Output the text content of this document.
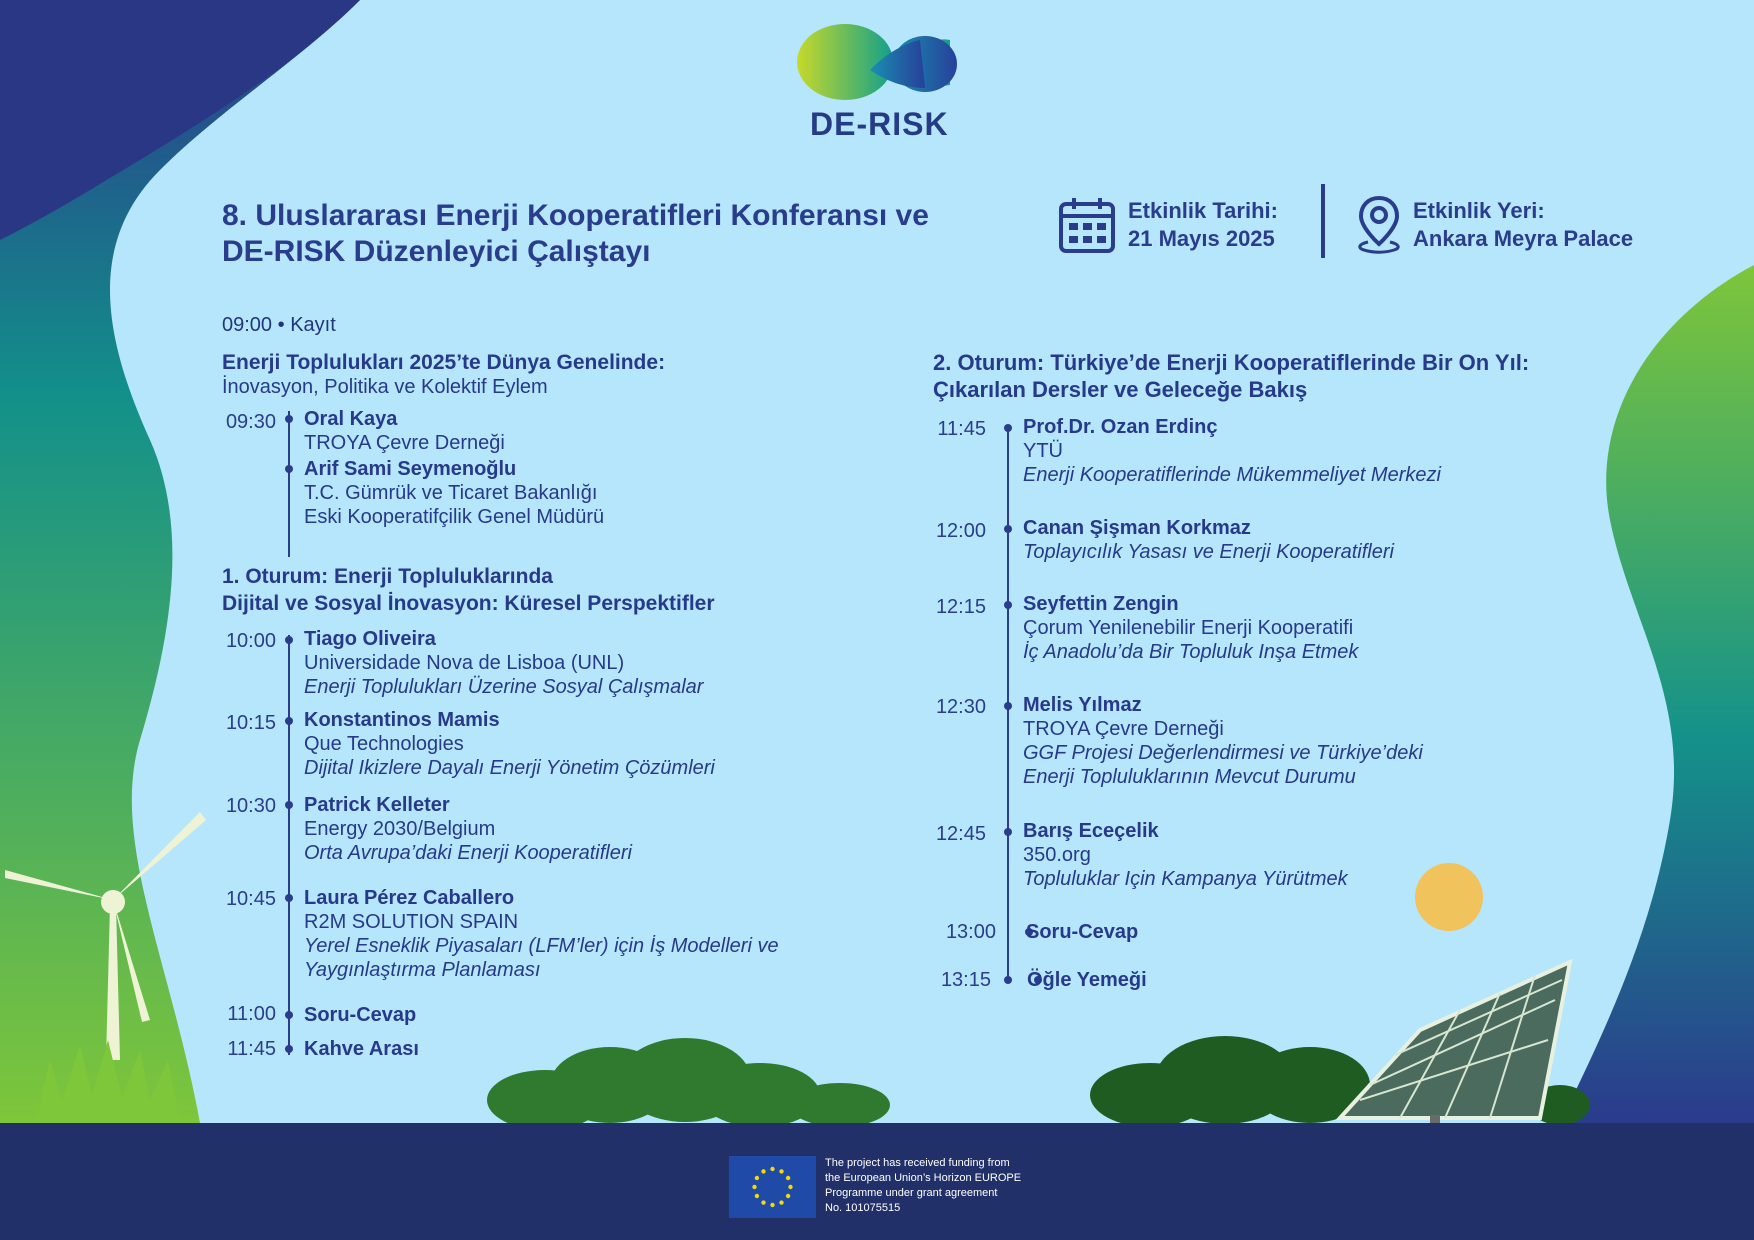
DE-RISK
8. Uluslararası Enerji Kooperatifleri Konferansı ve
DE-RISK Düzenleyici Çalıştayı
Etkinlik Tarihi:
21 Mayıs 2025
Etkinlik Yeri:
Ankara Meyra Palace
09:00 • Kayıt
Enerji Toplulukları 2025’te Dünya Genelinde:
İnovasyon, Politika ve Kolektif Eylem
09:30 Oral Kaya
TROYA Çevre Derneği
Arif Sami Seymenoğlu
T.C. Gümrük ve Ticaret Bakanlığı
Eski Kooperatifçilik Genel Müdürü
1. Oturum: Enerji Topluluklarında
Dijital ve Sosyal İnovasyon: Küresel Perspektifler
10:00 Tiago Oliveira
Universidade Nova de Lisboa (UNL)
Enerji Toplulukları Üzerine Sosyal Çalışmalar
10:15 Konstantinos Mamis
Que Technologies
Dijital Ikizlere Dayalı Enerji Yönetim Çözümleri
10:30 Patrick Kelleter
Energy 2030/Belgium
Orta Avrupa’daki Enerji Kooperatifleri
10:45 Laura Pérez Caballero
R2M SOLUTION SPAIN
Yerel Esneklik Piyasaları (LFM’ler) için İş Modelleri ve
Yaygınlaştırma Planlaması
11:00 Soru-Cevap
11:45 Kahve Arası
2. Oturum: Türkiye’de Enerji Kooperatiflerinde Bir On Yıl:
Çıkarılan Dersler ve Geleceğe Bakış
11:45 Prof.Dr. Ozan Erdinç
YTÜ
Enerji Kooperatiflerinde Mükemmeliyet Merkezi
12:00 Canan Şişman Korkmaz
Toplayıcılık Yasası ve Enerji Kooperatifleri
12:15 Seyfettin Zengin
Çorum Yenilenebilir Enerji Kooperatifi
İç Anadolu’da Bir Topluluk Inşa Etmek
12:30 Melis Yılmaz
TROYA Çevre Derneği
GGF Projesi Değerlendirmesi ve Türkiye’deki
Enerji Topluluklarının Mevcut Durumu
12:45 Barış Eceçelik
350.org
Topluluklar Için Kampanya Yürütmek
13:00 Soru-Cevap
13:15 Öğle Yemeği
The project has received funding from
the European Union’s Horizon EUROPE
Programme under grant agreement
No. 101075515
